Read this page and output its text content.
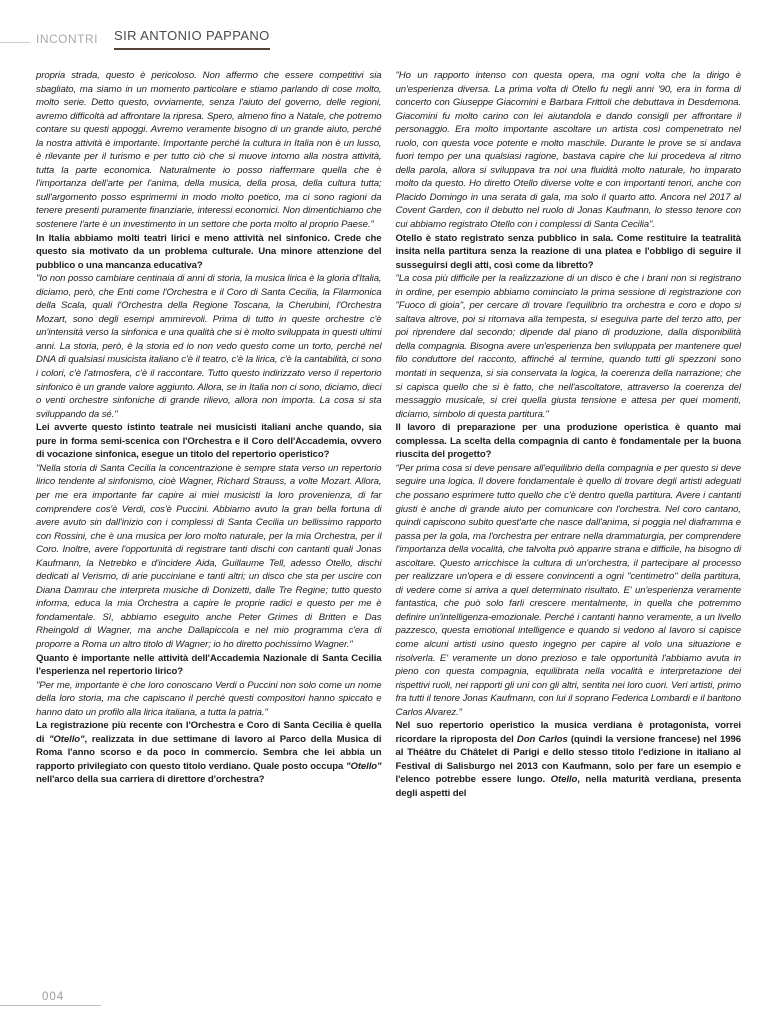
INCONTRI SIR ANTONIO PAPPANO

propria strada, questo è pericoloso. Non affermo che essere competitivi sia sbagliato, ma siamo in un momento particolare e stiamo parlando di cose molto, molto serie. Detto questo, ovviamente, senza l'aiuto del governo, delle regioni, avremo difficoltà ad affrontare la ripresa. Spero, almeno fino a Natale, che potremo contare su questi appoggi. Avremo veramente bisogno di un grande aiuto, perché la nostra attività è importante. Importante perché la cultura in Italia non è un lusso, è rilevante per il turismo e per tutto ciò che si muove intorno alla nostra attività, tutta la parte economica. Naturalmente io posso riaffermare quella che è l'importanza dell'arte per l'anima, della musica, della prosa, della cultura tutta; sull'argomento posso esprimermi in modo molto poetico, ma ci sono ragioni da tenere presenti puramente finanziarie, interessi economici. Non dimentichiamo che sostenere l'arte è un investimento in un settore che porta molto al proprio Paese."

In Italia abbiamo molti teatri lirici e meno attività nel sinfonico. Crede che questo sia motivato da un problema culturale. Una minore attenzione del pubblico o una mancanza educativa?

"Io non posso cambiare centinaia di anni di storia, la musica lirica è la gloria d'Italia, diciamo, però, che Enti come l'Orchestra e il Coro di Santa Cecilia, la Filarmonica della Scala, quali l'Orchestra della Regione Toscana, la Cherubini, l'Orchestra Mozart, sono degli esempi ammirevoli. Prima di tutto in queste orchestre c'è un'intensità verso la sinfonica e una qualità che si è molto sviluppata in questi ultimi anni. La storia, però, è la storia ed io non vedo questo come un torto, perché nel DNA di qualsiasi musicista italiano c'è il teatro, c'è la lirica, c'è la cantabilità, ci sono i colori, c'è l'atmosfera, c'è il raccontare. Tutto questo indirizzato verso il repertorio sinfonico è un grande valore aggiunto. Allora, se in Italia non ci sono, diciamo, dieci o venti orchestre sinfoniche di grande rilievo, allora non importa. La cosa si sta sviluppando da sé."

Lei avverte questo istinto teatrale nei musicisti italiani anche quando, sia pure in forma semi-scenica con l'Orchestra e il Coro dell'Accademia, ovvero di vocazione sinfonica, esegue un titolo del repertorio operistico?

"Nella storia di Santa Cecilia la concentrazione è sempre stata verso un repertorio lirico tendente al sinfonismo, cioè Wagner, Richard Strauss, a volte Mozart. Allora, per me era importante far capire ai miei musicisti la loro provenienza, di far comprendere cos'è Verdi, cos'è Puccini. Abbiamo avuto la gran bella fortuna di avere avuto sin dall'inizio con i complessi di Santa Cecilia un bellissimo rapporto con Rossini, che è una musica per loro molto naturale, per la mia Orchestra, per il Coro. Inoltre, avere l'opportunità di registrare tanti dischi con cantanti quali Jonas Kaufmann, la Netrebko e d'incidere Aida, Guillaume Tell, adesso Otello, dischi dedicati al Verismo, di arie pucciniane e tanti altri; un disco che sta per uscire con Diana Damrau che interpreta musiche di Donizetti, dalle Tre Regine; tutto questo informa, educa la mia Orchestra a capire le proprie radici e questo per me è fondamentale. Sì, abbiamo eseguito anche Peter Grimes di Britten e Das Rheingold di Wagner, ma anche Dallapiccola e nel mio programma c'era di proporre a Roma un altro titolo di Wagner; io ho diretto pochissimo Wagner."

Quanto è importante nelle attività dell'Accademia Nazionale di Santa Cecilia l'esperienza nel repertorio lirico?

"Per me, importante è che loro conoscano Verdi o Puccini non solo come un nome della loro storia, ma che capiscano il perché questi compositori hanno spiccato e hanno dato un profilo alla lirica italiana, a tutta la patria."

La registrazione più recente con l'Orchestra e Coro di Santa Cecilia è quella di "Otello", realizzata in due settimane di lavoro al Parco della Musica di Roma l'anno scorso e da poco in commercio. Sembra che lei abbia un rapporto privilegiato con questo titolo verdiano. Quale posto occupa "Otello" nell'arco della sua carriera di direttore d'orchestra?

"Ho un rapporto intenso con questa opera, ma ogni volta che la dirigo è un'esperienza diversa. La prima volta di Otello fu negli anni '90, era in forma di concerto con Giuseppe Giacomini e Barbara Frittoli che debuttava in Desdemona. Giacomini fu molto carino con lei aiutandola e dando consigli per affrontare il personaggio. Era molto importante ascoltare un artista così compenetrato nel ruolo, con questa voce potente e molto maschile. Durante le prove se si andava fuori tempo per una qualsiasi ragione, bastava capire che lui procedeva al ritmo della parola, allora si sviluppava tra noi una fluidità molto naturale, ho imparato molto da questo. Ho diretto Otello diverse volte e con importanti tenori, anche con Placido Domingo in una serata di gala, ma solo il quarto atto. Ancora nel 2017 al Covent Garden, con il debutto nel ruolo di Jonas Kaufmann, lo stesso tenore con cui abbiamo registrato Otello con i complessi di Santa Cecilia".

Otello è stato registrato senza pubblico in sala. Come restituire la teatralità insita nella partitura senza la reazione di una platea e l'obbligo di seguire il susseguirsi degli atti, così come da libretto?

"La cosa più difficile per la realizzazione di un disco è che i brani non si registrano in ordine, per esempio abbiamo cominciato la prima sessione di registrazione con "Fuoco di gioia", per cercare di trovare l'equilibrio tra orchestra e coro e dopo si saltava altrove, poi si ritornava alla tempesta, si eseguiva parte del terzo atto, per poi riprendere dal secondo; dipende dal piano di produzione, dalla disponibilità della compagnia. Bisogna avere un'esperienza ben sviluppata per mantenere quel filo conduttore del racconto, affinché al termine, quando tutti gli spezzoni sono montati in sequenza, si sia conservata la logica, la coerenza della narrazione; che si capisca quello che si è fatto, che nell'ascoltatore, attraverso la coerenza del messaggio musicale, si crei quella giusta tensione e attesa per quei momenti, diciamo, simbolo di questa partitura."

Il lavoro di preparazione per una produzione operistica è quanto mai complessa. La scelta della compagnia di canto è fondamentale per la buona riuscita del progetto?

"Per prima cosa si deve pensare all'equilibrio della compagnia e per questo si deve seguire una logica. Il dovere fondamentale è quello di trovare degli artisti adeguati che possano esprimere tutto quello che c'è dentro quella partitura. Avere i cantanti giusti è anche di grande aiuto per comunicare con l'orchestra. Nel coro cantano, quindi capiscono subito quest'arte che nasce dall'anima, si poggia nel diaframma e passa per la gola, ma l'orchestra per entrare nella drammaturgia, per comprendere l'importanza della vocalità, che talvolta può apparire strana e difficile, ha bisogno di ascoltare. Questo arricchisce la cultura di un'orchestra, il partecipare al processo per realizzare un'opera e di essere convincenti a ogni "centimetro" della partitura, di vedere come si arriva a quel determinato risultato. E' un'esperienza veramente fantastica, che può solo farli crescere mentalmente, in quella che potremmo definire un'intelligenza-emozionale. Perché i cantanti hanno veramente, a un livello pazzesco, questa emotional intelligence e quando si vedono al lavoro si capisce come alcuni artisti usino questo ingegno per capire al volo una situazione e risolverla. E' veramente un dono prezioso e tale opportunità l'abbiamo avuta in pieno con questa compagnia, equilibrata nella vocalità e interpretazione dei rispettivi ruoli, nei rapporti gli uni con gli altri, sentita nei loro cuori. Veri artisti, primo fra tutti il tenore Jonas Kaufmann, con lui il soprano Federica Lombardi e il baritono Carlos Alvarez."

Nel suo repertorio operistico la musica verdiana è protagonista, vorrei ricordare la riproposta del Don Carlos (quindi la versione francese) nel 1996 al Théâtre du Châtelet di Parigi e dello stesso titolo l'edizione in italiano al Festival di Salisburgo nel 2013 con Kaufmann, solo per fare un esempio e l'elenco potrebbe essere lungo. Otello, nella maturità verdiana, presenta degli aspetti del

004
